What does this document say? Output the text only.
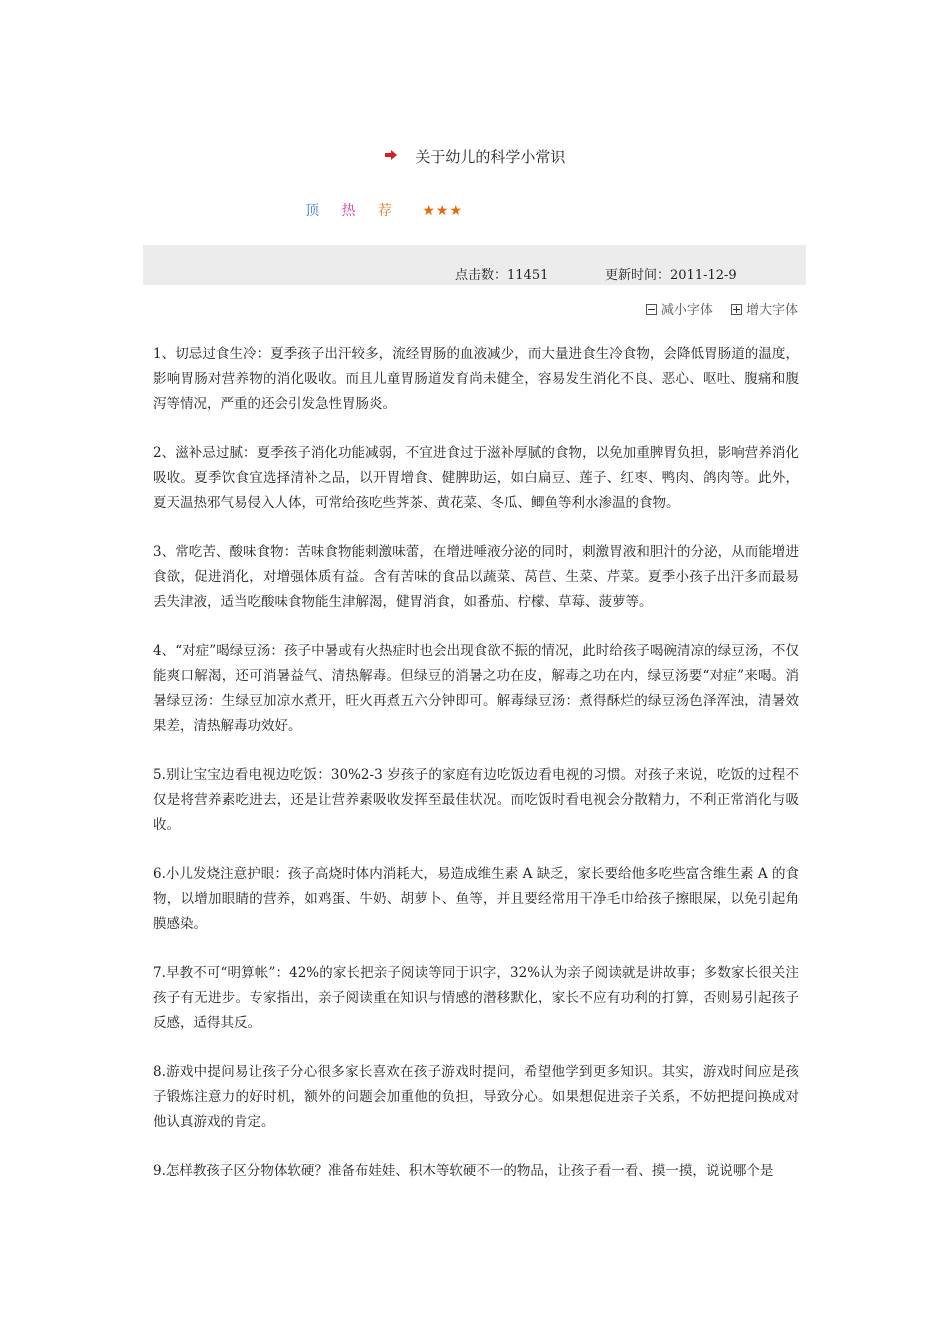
关于幼儿的科学小常识
顶 热 荐 ★★★
点击数：11451	更新时间：2011-12-9
减小字体	增大字体

1、切忌过食生冷：夏季孩子出汗较多，流经胃肠的血液减少，而大量进食生冷食物，会降低胃肠道的温度，影响胃肠对营养物的消化吸收。而且儿童胃肠道发育尚未健全，容易发生消化不良、恶心、呕吐、腹痛和腹泻等情况，严重的还会引发急性胃肠炎。

2、滋补忌过腻：夏季孩子消化功能减弱，不宜进食过于滋补厚腻的食物，以免加重脾胃负担，影响营养消化吸收。夏季饮食宜选择清补之品，以开胃增食、健脾助运，如白扁豆、莲子、红枣、鸭肉、鸽肉等。此外，夏天温热邪气易侵入人体，可常给孩吃些荠茶、黄花菜、冬瓜、鲫鱼等利水渗温的食物。

3、常吃苦、酸味食物：苦味食物能刺激味蕾，在增进唾液分泌的同时，刺激胃液和胆汁的分泌，从而能增进食欲，促进消化，对增强体质有益。含有苦味的食品以蔬菜、莴苣、生菜、芹菜。夏季小孩子出汗多而最易丢失津液，适当吃酸味食物能生津解渴，健胃消食，如番茄、柠檬、草莓、菠萝等。

4、“对症”喝绿豆汤：孩子中暑或有火热症时也会出现食欲不振的情况，此时给孩子喝碗清凉的绿豆汤，不仅能爽口解渴，还可消暑益气、清热解毒。但绿豆的消暑之功在皮，解毒之功在内，绿豆汤要“对症”来喝。消暑绿豆汤：生绿豆加凉水煮开，旺火再煮五六分钟即可。解毒绿豆汤：煮得酥烂的绿豆汤色泽浑浊，清暑效果差，清热解毒功效好。

5.别让宝宝边看电视边吃饭：30%2-3 岁孩子的家庭有边吃饭边看电视的习惯。对孩子来说，吃饭的过程不仅是将营养素吃进去，还是让营养素吸收发挥至最佳状况。而吃饭时看电视会分散精力，不利正常消化与吸收。

6.小儿发烧注意护眼：孩子高烧时体内消耗大，易造成维生素 A 缺乏，家长要给他多吃些富含维生素 A 的食物，以增加眼睛的营养，如鸡蛋、牛奶、胡萝卜、鱼等，并且要经常用干净毛巾给孩子擦眼屎，以免引起角膜感染。

7.早教不可“明算帐”：42%的家长把亲子阅读等同于识字，32%认为亲子阅读就是讲故事；多数家长很关注孩子有无进步。专家指出，亲子阅读重在知识与情感的潜移默化，家长不应有功利的打算，否则易引起孩子反感，适得其反。

8.游戏中提问易让孩子分心很多家长喜欢在孩子游戏时提问，希望他学到更多知识。其实，游戏时间应是孩子锻炼注意力的好时机，额外的问题会加重他的负担，导致分心。如果想促进亲子关系，不妨把提问换成对他认真游戏的肯定。

9.怎样教孩子区分物体软硬？准备布娃娃、积木等软硬不一的物品，让孩子看一看、摸一摸，说说哪个是
